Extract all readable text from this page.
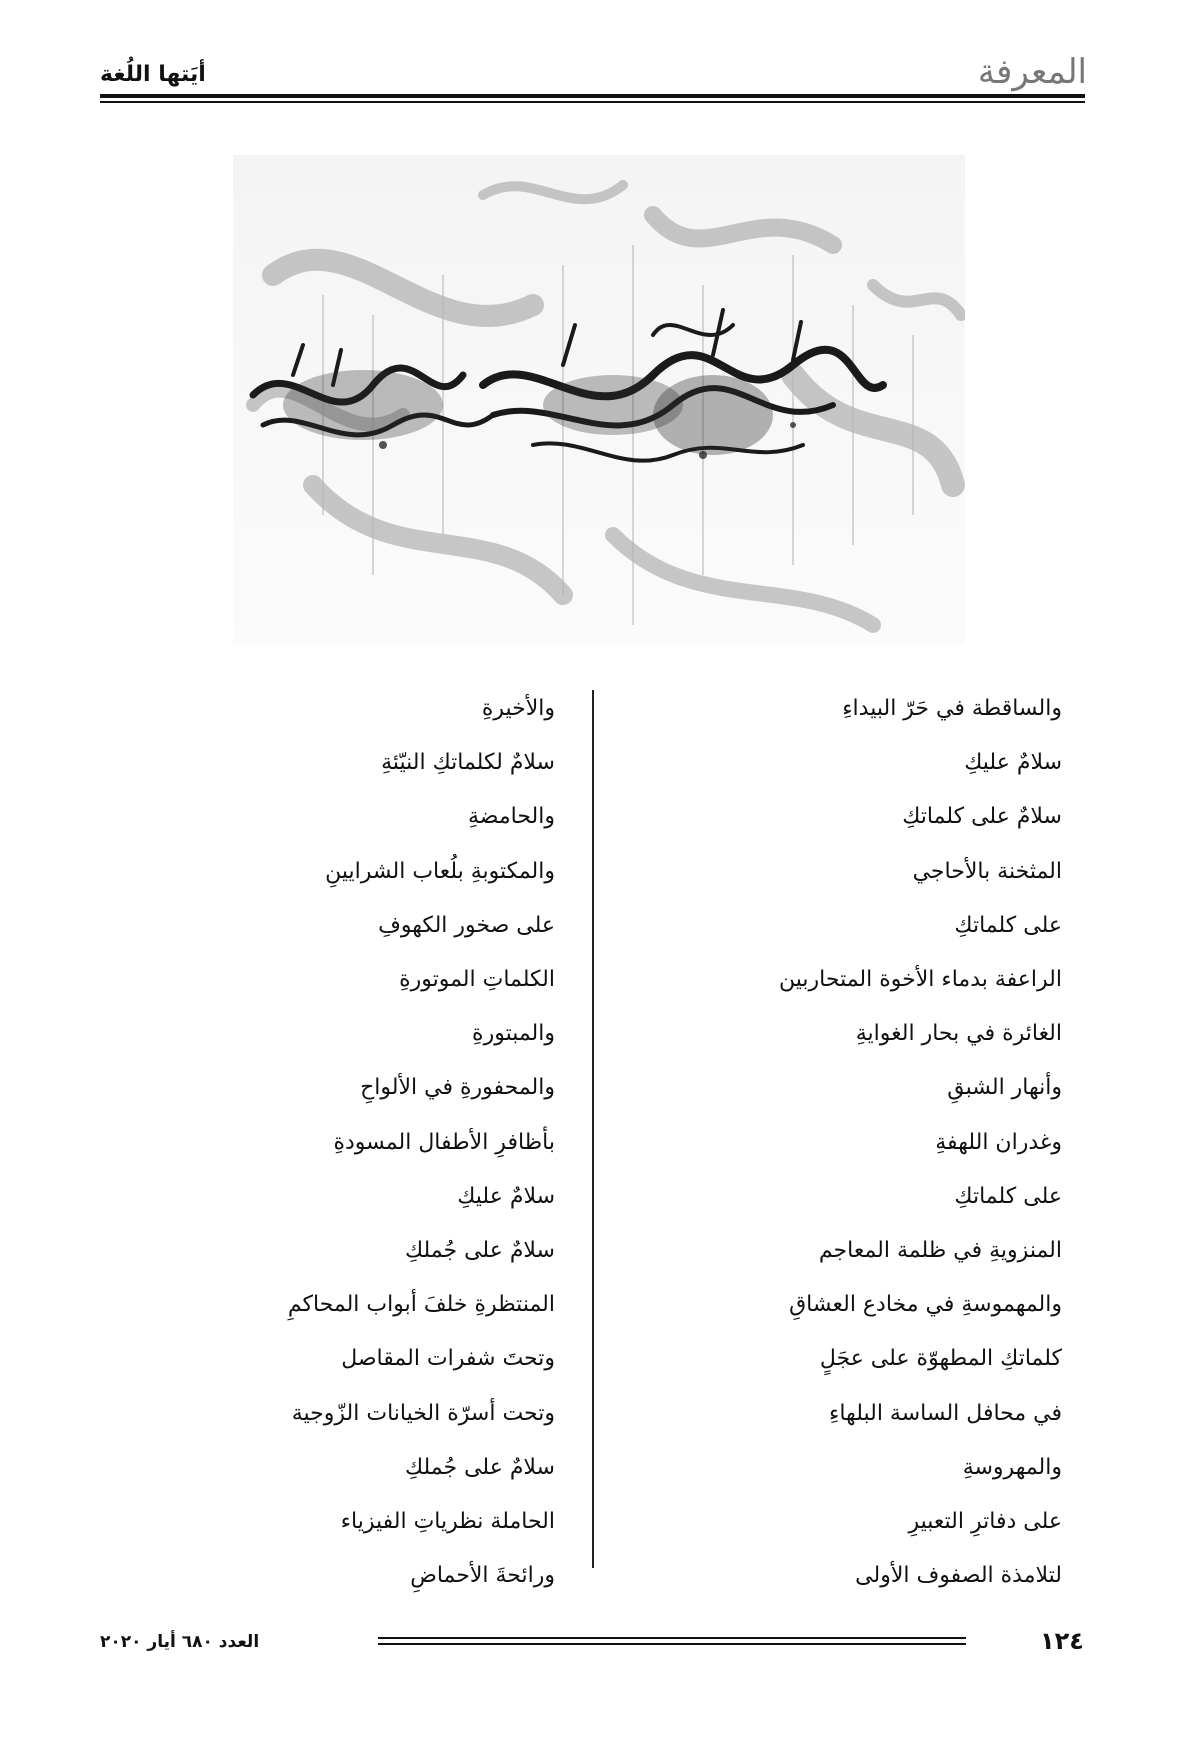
المعرفة
أيَتها اللُغة
والساقطة في حَرّ البيداءِ
سلامٌ عليكِ
سلامٌ على كلماتكِ
المثخنة بالأحاجي
على كلماتكِ
الراعفة بدماء الأخوة المتحاربين
الغائرة في بحار الغوايةِ
وأنهار الشبقِ
وغدران اللهفةِ
على كلماتكِ
المنزويةِ في ظلمة المعاجم
والمهموسةِ في مخادع العشاقِ
كلماتكِ المطهوّة على عجَلٍ
في محافل الساسة البلهاءِ
والمهروسةِ
على دفاترِ التعبيرِ
لتلامذة الصفوف الأولى
والأخيرةِ
سلامٌ لكلماتكِ النيّئةِ
والحامضةِ
والمكتوبةِ بلُعاب الشرايينِ
على صخور الكهوفِ
الكلماتِ الموتورةِ
والمبتورةِ
والمحفورةِ في الألواحِ
بأظافرِ الأطفال المسودةِ
سلامٌ عليكِ
سلامٌ على جُملكِ
المنتظرةِ خلفَ أبواب المحاكمِ
وتحتَ شفرات المقاصل
وتحت أسرّة الخيانات الزّوجية
سلامٌ على جُملكِ
الحاملة نظرياتِ الفيزياء
ورائحةَ الأحماضِ
١٢٤
العدد ٦٨٠ أيار ٢٠٢٠
